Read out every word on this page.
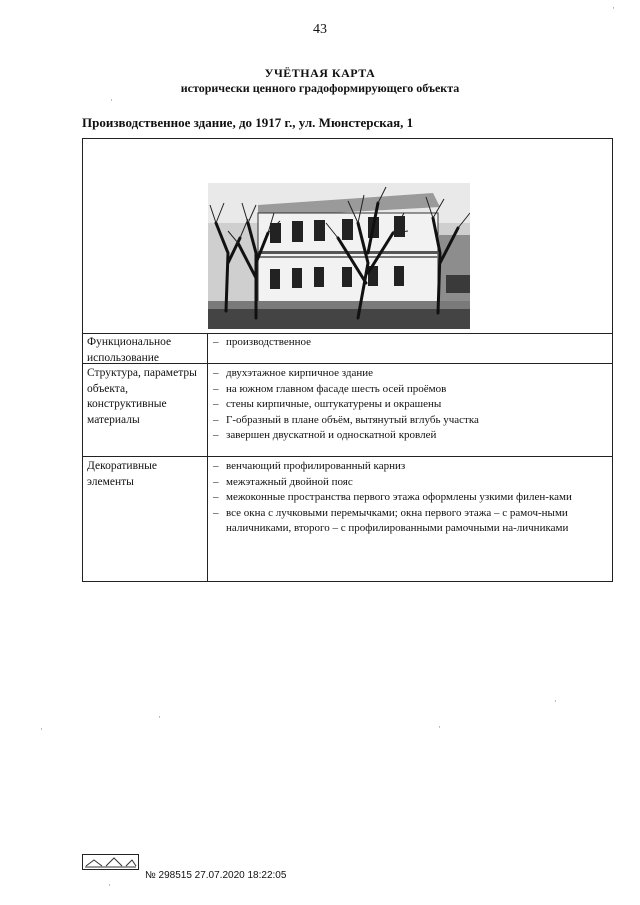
43
УЧЁТНАЯ КАРТА
исторически ценного градоформирующего объекта
Производственное здание, до 1917 г., ул. Мюнстерская, 1
Функциональное использование
– производственное
Структура, параметры объекта, конструктивные материалы
– двухэтажное кирпичное здание
– на южном главном фасаде шесть осей проёмов
– стены кирпичные, оштукатурены и окрашены
– Г-образный в плане объём, вытянутый вглубь участка
– завершен двускатной и односкатной кровлей
Декоративные элементы
– венчающий профилированный карниз
– межэтажный двойной пояс
– межоконные пространства первого этажа оформлены узкими филен-ками
– все окна с лучковыми перемычками; окна первого этажа – с рамоч-ными наличниками, второго – с профилированными рамочными на-личниками
№ 298515 27.07.2020 18:22:05
·
·
·
·	·
·
·
